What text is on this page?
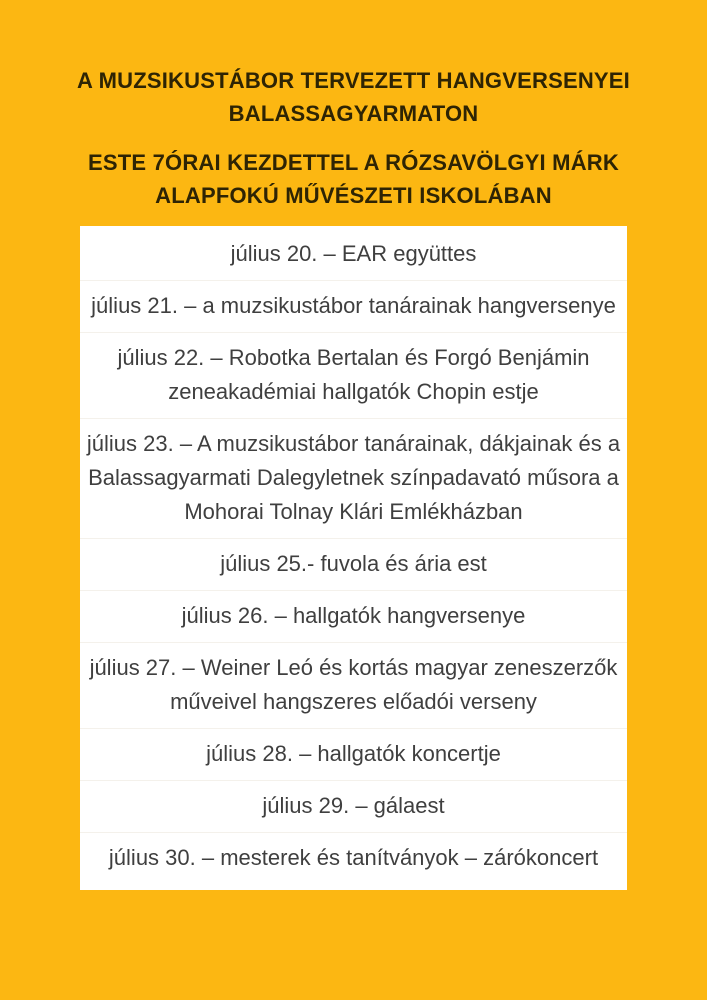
A MUZSIKUSTÁBOR TERVEZETT HANGVERSENYEI
BALASSAGYARMATON

ESTE 7ÓRAI KEZDETTEL A RÓZSAVÖLGYI MÁRK
ALAPFOKÚ MŰVÉSZETI ISKOLÁBAN

július 20. – EAR együttes
július 21. – a muzsikustábor tanárainak hangversenye
július 22. – Robotka Bertalan és Forgó Benjámin
zeneakadémiai hallgatók Chopin estje
július 23. – A muzsikustábor tanárainak, dákjainak és a
Balassagyarmati Dalegyletnek színpadavató műsora a
Mohorai Tolnay Klári Emlékházban
július 25.- fuvola és ária est
július 26. – hallgatók hangversenye
július 27. – Weiner Leó és kortás magyar zeneszerzők
műveivel hangszeres előadói verseny
július 28. – hallgatók koncertje
július 29. – gálaest
július 30. – mesterek és tanítványok – zárókoncert
